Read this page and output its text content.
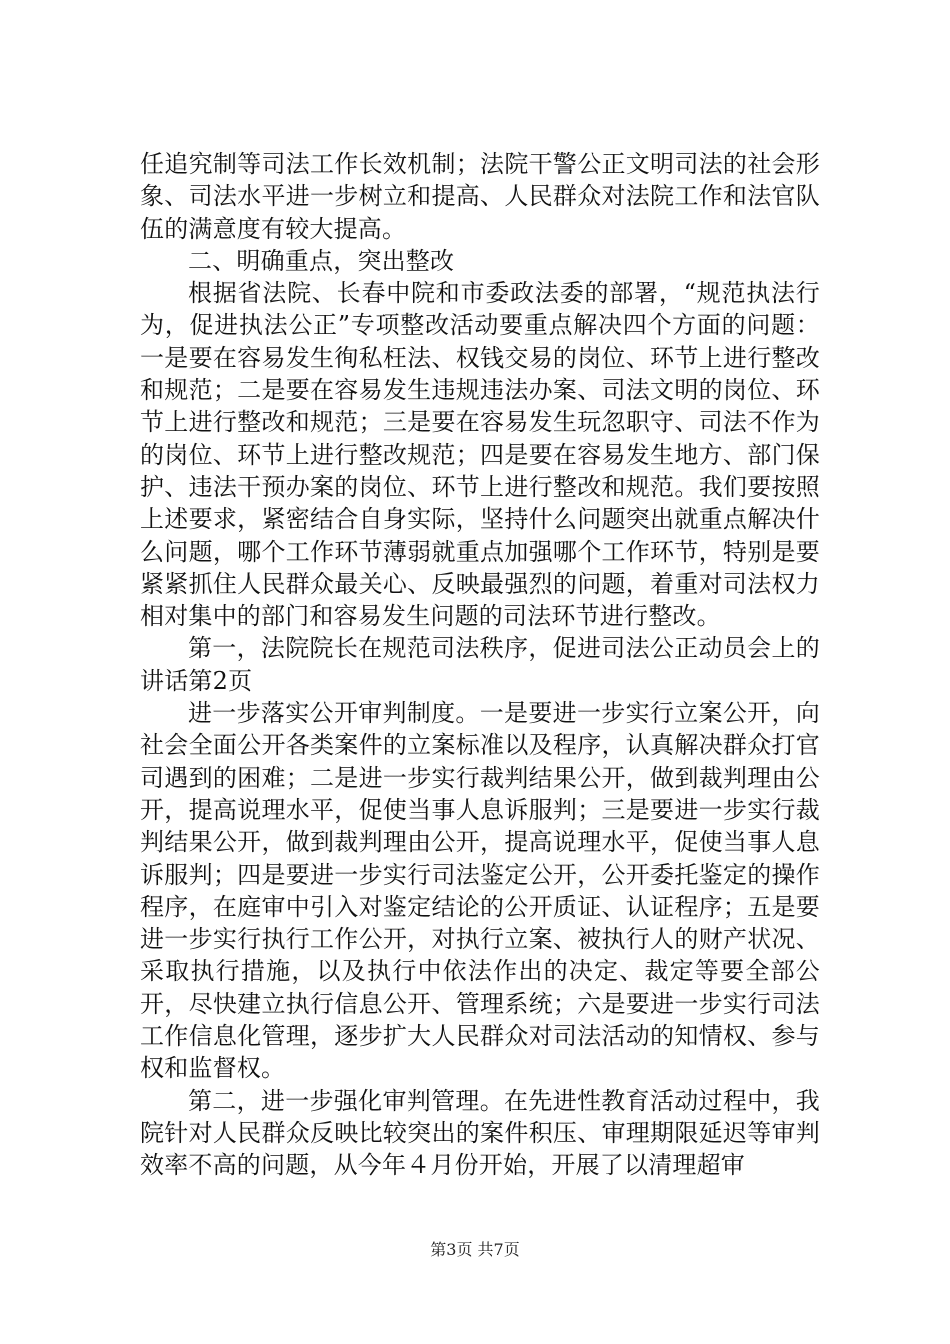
任追究制等司法工作长效机制；法院干警公正文明司法的社会形象、司法水平进一步树立和提高、人民群众对法院工作和法官队伍的满意度有较大提高。

二、明确重点，突出整改

根据省法院、长春中院和市委政法委的部署，“规范执法行为，促进执法公正”专项整改活动要重点解决四个方面的问题：一是要在容易发生徇私枉法、权钱交易的岗位、环节上进行整改和规范；二是要在容易发生违规违法办案、司法文明的岗位、环节上进行整改和规范；三是要在容易发生玩忽职守、司法不作为的岗位、环节上进行整改规范；四是要在容易发生地方、部门保护、违法干预办案的岗位、环节上进行整改和规范。我们要按照上述要求，紧密结合自身实际，坚持什么问题突出就重点解决什么问题，哪个工作环节薄弱就重点加强哪个工作环节，特别是要紧紧抓住人民群众最关心、反映最强烈的问题，着重对司法权力相对集中的部门和容易发生问题的司法环节进行整改。

第一，法院院长在规范司法秩序，促进司法公正动员会上的讲话第2页

进一步落实公开审判制度。一是要进一步实行立案公开，向社会全面公开各类案件的立案标准以及程序，认真解决群众打官司遇到的困难；二是进一步实行裁判结果公开，做到裁判理由公开，提高说理水平，促使当事人息诉服判；三是要进一步实行裁判结果公开，做到裁判理由公开，提高说理水平，促使当事人息诉服判；四是要进一步实行司法鉴定公开，公开委托鉴定的操作程序，在庭审中引入对鉴定结论的公开质证、认证程序；五是要进一步实行执行工作公开，对执行立案、被执行人的财产状况、采取执行措施，以及执行中依法作出的决定、裁定等要全部公开，尽快建立执行信息公开、管理系统；六是要进一步实行司法工作信息化管理，逐步扩大人民群众对司法活动的知情权、参与权和监督权。

第二，进一步强化审判管理。在先进性教育活动过程中，我院针对人民群众反映比较突出的案件积压、审理期限延迟等审判效率不高的问题，从今年４月份开始，开展了以清理超审

第3页 共7页
